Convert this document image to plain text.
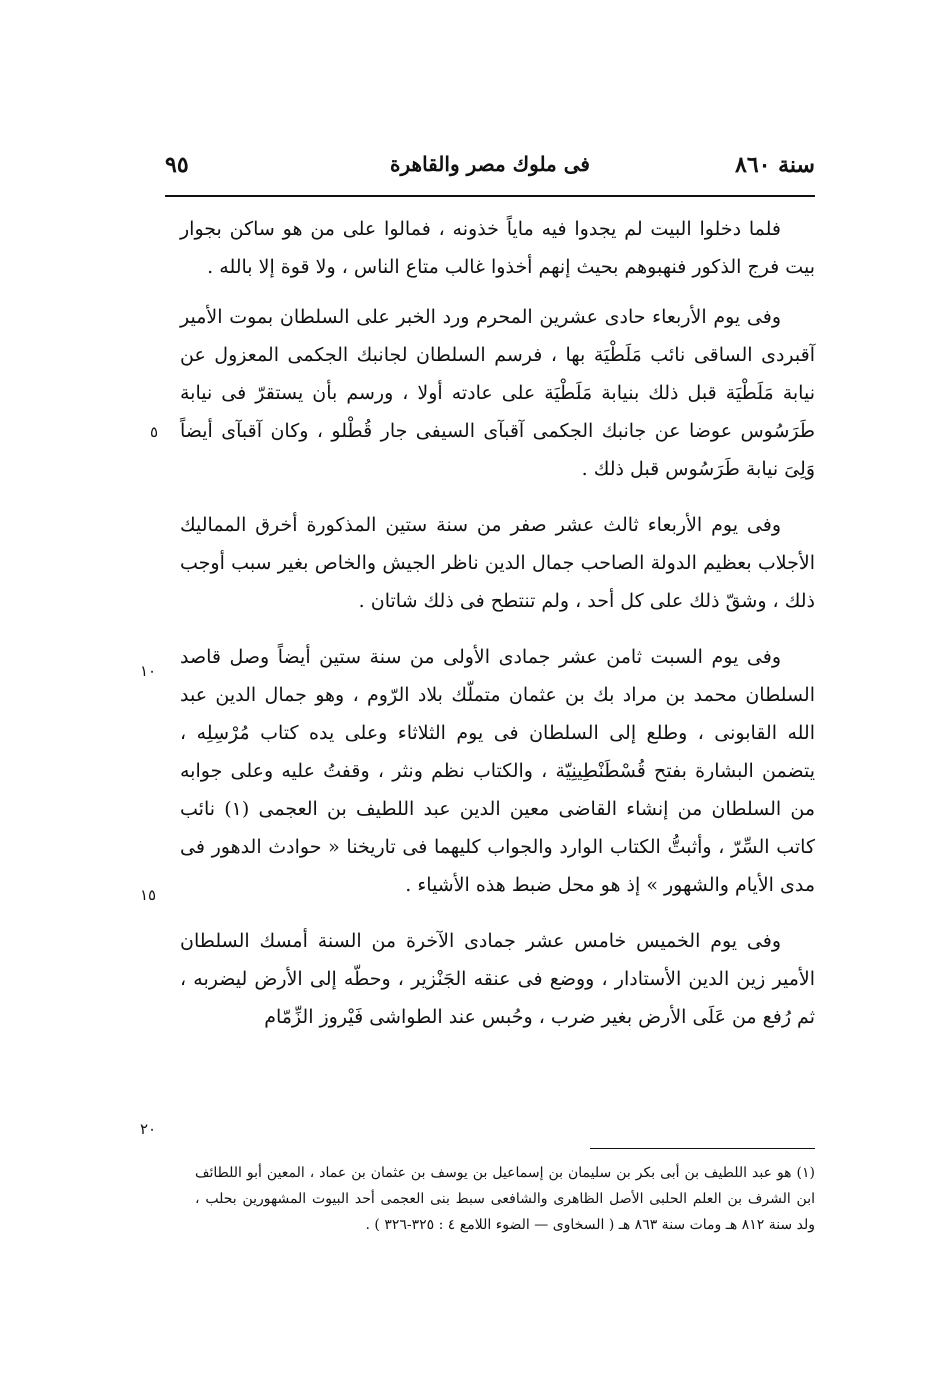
سنة ٨٦٠
فى ملوك مصر والقاهرة
٩٥

فلما دخلوا البيت لم يجدوا فيه ماياً خذونه ، فمالوا على من هو ساكن بجوار بيت فرج الذكور فنهبوهم بحيث إنهم أخذوا غالب متاع الناس ، ولا قوة إلا بالله .

وفى يوم الأربعاء حادى عشرين المحرم ورد الخبر على السلطان بموت الأمير آقبردى الساقى نائب مَلَطْيَة بها ، فرسم السلطان لجانبك الجكمى المعزول عن نيابة مَلَطْيَة قبل ذلك بنيابة مَلَطْيَة على عادته أولا ، ورسم بأن يستقرّ فى نيابة طَرَسُوس عوضا عن جانبك الجكمى آقبآى السيفى جار قُطْلو ، وكان آقبآى أيضاً وَلِىَ نيابة طَرَسُوس قبل ذلك .

وفى يوم الأربعاء ثالث عشر صفر من سنة ستين المذكورة أخرق المماليك الأجلاب بعظيم الدولة الصاحب جمال الدين ناظر الجيش والخاص بغير سبب أوجب ذلك ، وشقّ ذلك على كل أحد ، ولم تنتطح فى ذلك شاتان .

وفى يوم السبت ثامن عشر جمادى الأولى من سنة ستين أيضاً وصل قاصد السلطان محمد بن مراد بك بن عثمان متملّك بلاد الرّوم ، وهو جمال الدين عبد الله القابونى ، وطلع إلى السلطان فى يوم الثلاثاء وعلى يده كتاب مُرْسِلِه ، يتضمن البشارة بفتح قُسْطَنْطِينِيّة ، والكتاب نظم ونثر ، وقفتُ عليه وعلى جوابه من السلطان من إنشاء القاضى معين الدين عبد اللطيف بن العجمى (١) نائب كاتب السِّرّ ، وأثبتُّ الكتاب الوارد والجواب كليهما فى تاريخنا « حوادث الدهور فى مدى الأيام والشهور » إذ هو محل ضبط هذه الأشياء .

وفى يوم الخميس خامس عشر جمادى الآخرة من السنة أمسك السلطان الأمير زين الدين الأستادار ، ووضع فى عنقه الجَنْزير ، وحطّه إلى الأرض ليضربه ، ثم رُفع من عَلَى الأرض بغير ضرب ، وحُبس عند الطواشى فَيْروز الزِّمّام

٥
١٠
١٥
٢٠
(١) هو عبد اللطيف بن أبى بكر بن سليمان بن إسماعيل بن يوسف بن عثمان بن عماد ، المعين أبو اللطائف ابن الشرف بن العلم الحلبى الأصل الظاهرى والشافعى سبط بنى العجمى أحد البيوت المشهورين بحلب ، ولد سنة ٨١٢ هـ ومات سنة ٨٦٣ هـ ( السخاوى — الضوء اللامع ٤ : ٣٢٥-٣٢٦ ) .
